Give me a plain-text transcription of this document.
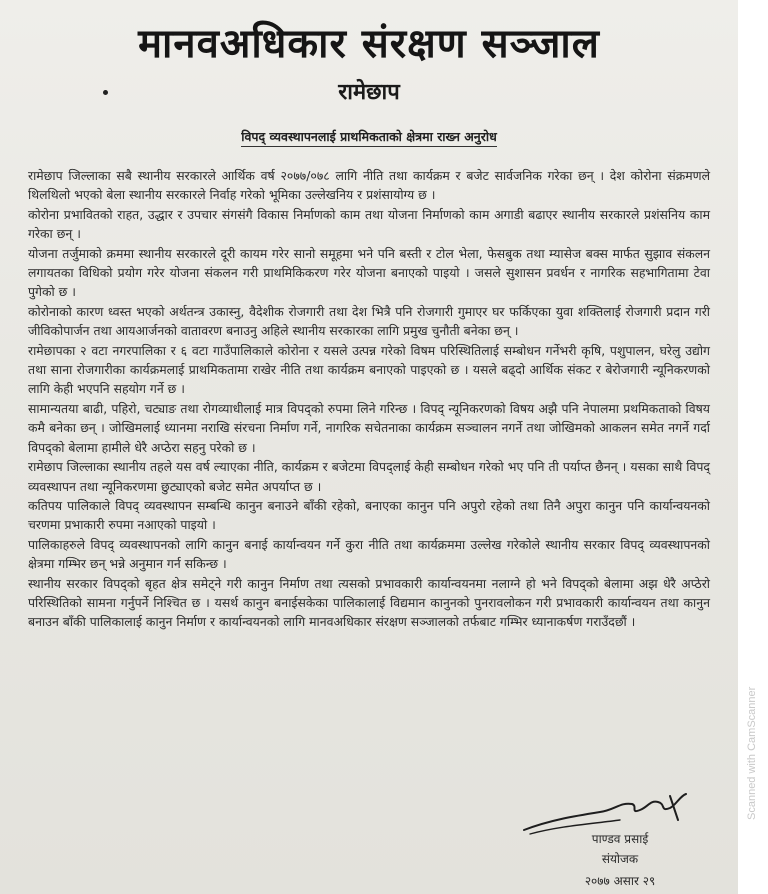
मानवअधिकार संरक्षण सञ्जाल
रामेछाप
विपद् व्यवस्थापनलाई प्राथमिकताको क्षेत्रमा राख्न अनुरोध

रामेछाप जिल्लाका सबै स्थानीय सरकारले आर्थिक वर्ष २०७७/०७८ लागि नीति तथा कार्यक्रम र बजेट सार्वजनिक गरेका छन् । देश कोरोना संक्रमणले थिलथिलो भएको बेला स्थानीय सरकारले निर्वाह गरेको भूमिका उल्लेखनिय र प्रशंसायोग्य छ ।

कोरोना प्रभावितको राहत, उद्धार र उपचार संगसंगै विकास निर्माणको काम तथा योजना निर्माणको काम अगाडी बढाएर स्थानीय सरकारले प्रशंसनिय काम गरेका छन् ।

योजना तर्जुमाको क्रममा स्थानीय सरकारले दूरी कायम गरेर सानो समूहमा भने पनि बस्ती र टोल भेला, फेसबुक तथा म्यासेज बक्स मार्फत सुझाव संकलन लगायतका विधिको प्रयोग गरेर योजना संकलन गरी प्राथमिकिकरण गरेर योजना बनाएको पाइयो । जसले सुशासन प्रवर्धन र नागरिक सहभागितामा टेवा पुगेको छ ।

कोरोनाको कारण ध्वस्त भएको अर्थतन्त्र उकास्नु, वैदेशीक रोजगारी तथा देश भित्रै पनि रोजगारी गुमाएर घर फर्किएका युवा शक्तिलाई रोजगारी प्रदान गरी जीविकोपार्जन तथा आयआर्जनको वातावरण बनाउनु अहिले स्थानीय सरकारका लागि प्रमुख चुनौती बनेका छन् ।

रामेछापका २ वटा नगरपालिका र ६ वटा गाउँपालिकाले कोरोना र यसले उत्पन्न गरेको विषम परिस्थितिलाई सम्बोधन गर्नेभरी कृषि, पशुपालन, घरेलु उद्योग तथा साना रोजगारीका कार्यक्रमलाई प्राथमिकतामा राखेर नीति तथा कार्यक्रम बनाएको पाइएको छ । यसले बढ्दो आर्थिक संकट र बेरोजगारी न्यूनिकरणको लागि केही भएपनि सहयोग गर्ने छ ।

सामान्यतया बाढी, पहिरो, चट्याङ तथा रोगव्याधीलाई मात्र विपद्को रुपमा लिने गरिन्छ । विपद् न्यूनिकरणको विषय अझै पनि नेपालमा प्रथमिकताको विषय कमै बनेका छन् । जोखिमलाई ध्यानमा नराखि संरचना निर्माण गर्ने, नागरिक सचेतनाका कार्यक्रम सञ्चालन नगर्ने तथा जोखिमको आकलन समेत नगर्ने गर्दा विपद्को बेलामा हामीले धेरै अप्ठेरा सहनु परेको छ ।

रामेछाप जिल्लाका स्थानीय तहले यस वर्ष ल्याएका नीति, कार्यक्रम र बजेटमा विपद्लाई केही सम्बोधन गरेको भए पनि ती पर्याप्त छैनन् । यसका साथै विपद् व्यवस्थापन तथा न्यूनिकरणमा छुट्याएको बजेट समेत अपर्याप्त छ ।

कतिपय पालिकाले विपद् व्यवस्थापन सम्बन्धि कानुन बनाउने बाँकी रहेको, बनाएका कानुन पनि अपुरो रहेको तथा तिनै अपुरा कानुन पनि कार्यान्वयनको चरणमा प्रभाकारी रुपमा नआएको पाइयो ।

पालिकाहरुले विपद् व्यवस्थापनको लागि कानुन बनाई कार्यान्वयन गर्ने कुरा नीति तथा कार्यक्रममा उल्लेख गरेकोले स्थानीय सरकार विपद् व्यवस्थापनको क्षेत्रमा गम्भिर छन् भन्ने अनुमान गर्न सकिन्छ ।

स्थानीय सरकार विपद्को बृहत क्षेत्र समेट्ने गरी कानुन निर्माण तथा त्यसको प्रभावकारी कार्यान्वयनमा नलाग्ने हो भने विपद्को बेलामा अझ धेरै अप्ठेरो परिस्थितिको सामना गर्नुपर्ने निश्चित छ । यसर्थ कानुन बनाईसकेका पालिकालाई विद्यमान कानुनको पुनरावलोकन गरी प्रभावकारी कार्यान्वयन तथा कानुन बनाउन बाँकी पालिकालाई कानुन निर्माण र कार्यान्वयनको लागि मानवअधिकार संरक्षण सञ्जालको तर्फबाट गम्भिर ध्यानाकर्षण गराउँदछौं ।

पाण्डव प्रसाई
संयोजक
२०७७ असार २९
Scanned with CamScanner
